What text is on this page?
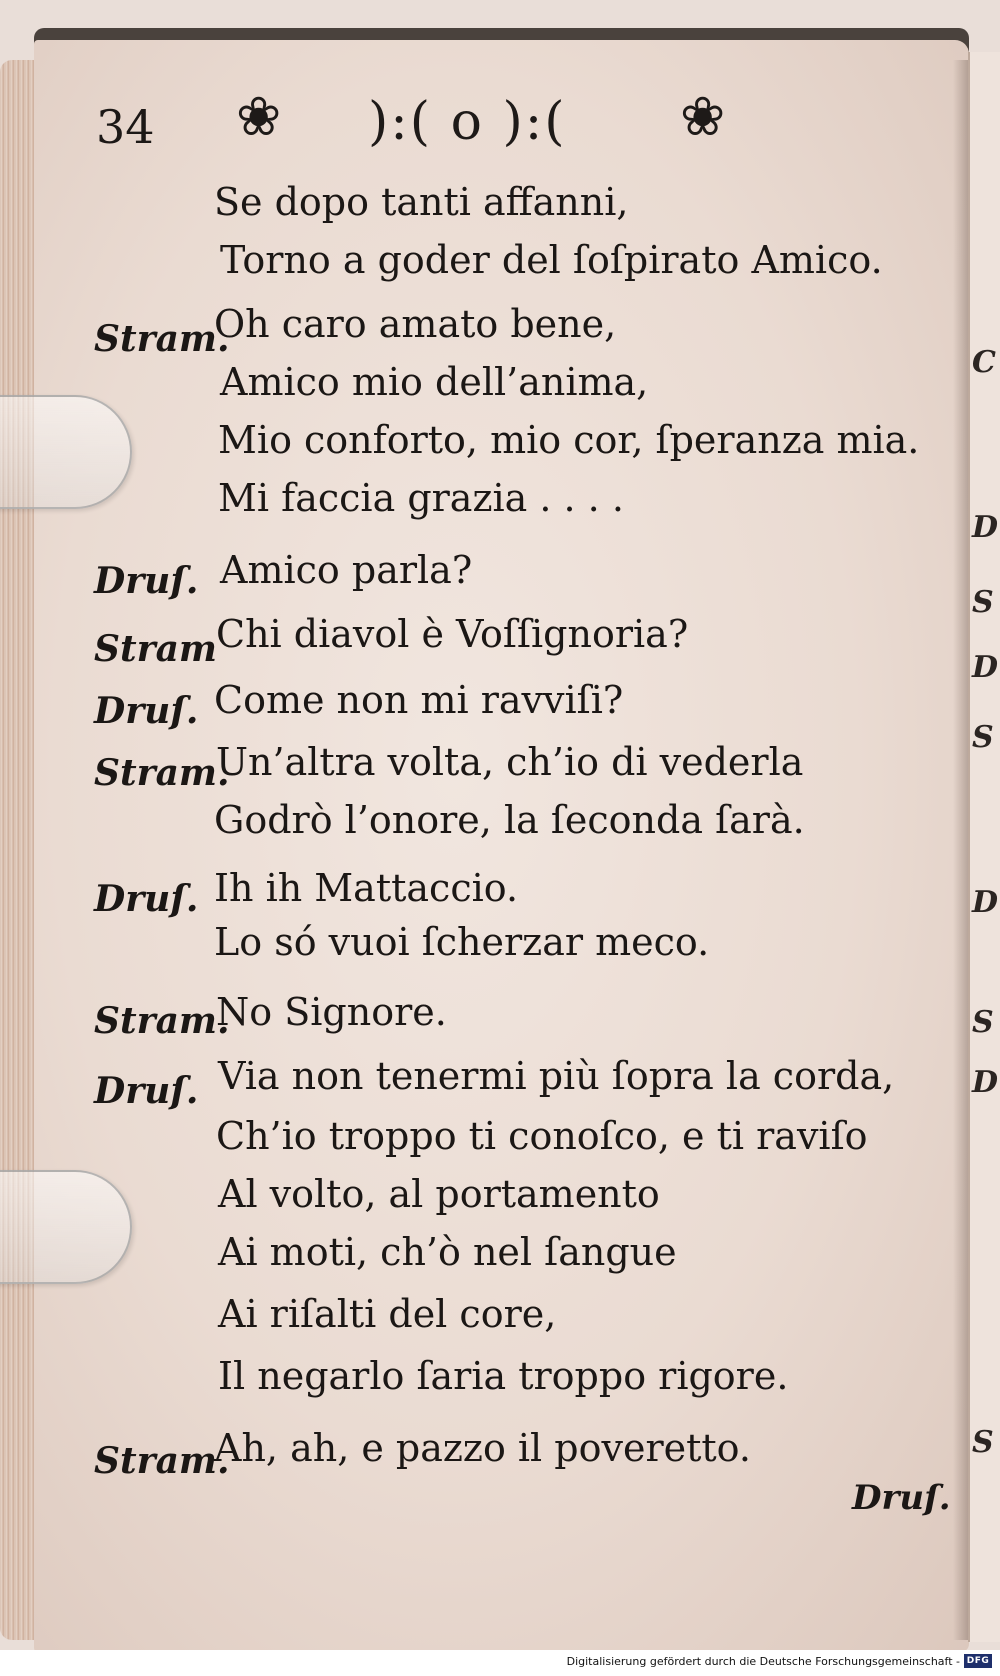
C
D
S
D
S
D
S
D
S
34 ❀ ):( o ):( ❀
Se dopo tanti affanni,
Torno a goder del ſoſpirato Amico.
Stram.
Oh caro amato bene,
Amico mio dell’anima,
Mio conforto, mio cor, ſperanza mia.
Mi faccia grazia . . . .
Druſ. Amico parla?
Stram
Chi diavol è Voſſignoria?
Druſ. Come non mi ravviſi?
Stram.
Un’altra volta, ch’io di vederla
Godrò l’onore, la ſeconda ſarà.
Druſ. Ih ih Mattaccio.
Lo só vuoi ſcherzar meco.
Stram.
No Signore.
Druſ. Via non tenermi più ſopra la corda,
Ch’io troppo ti conoſco, e ti raviſo
Al volto, al portamento
Ai moti, ch’ò nel ſangue
Ai riſalti del core,
Il negarlo ſaria troppo rigore.
Stram.
Ah, ah, e pazzo il poveretto.
Druſ.
Digitalisierung gefördert durch die Deutsche Forschungsgemeinschaft - DFG
